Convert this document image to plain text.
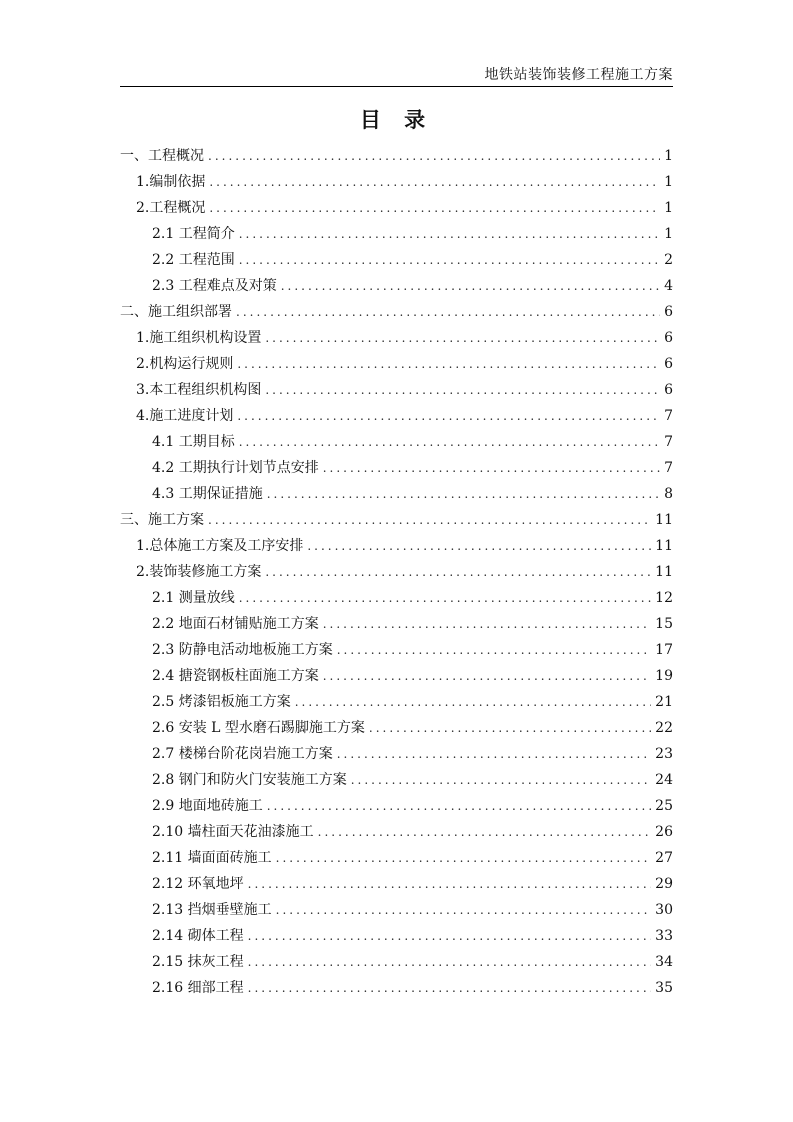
地铁站装饰装修工程施工方案
目 录
一、工程概况 .....	1
1.编制依据 .....	1
2.工程概况 .....	1
2.1 工程简介 .....	1
2.2 工程范围 .....	2
2.3 工程难点及对策 .....	4
二、施工组织部署 .....	6
1.施工组织机构设置 .....	6
2.机构运行规则 .....	6
3.本工程组织机构图 .....	6
4.施工进度计划 .....	7
4.1 工期目标 .....	7
4.2 工期执行计划节点安排 .....	7
4.3 工期保证措施 .....	8
三、施工方案 .....	11
1.总体施工方案及工序安排 .....	11
2.装饰装修施工方案 .....	11
2.1 测量放线 .....	12
2.2 地面石材铺贴施工方案 .....	15
2.3 防静电活动地板施工方案 .....	17
2.4 搪瓷钢板柱面施工方案 .....	19
2.5 烤漆铝板施工方案 .....	21
2.6 安装 L 型水磨石踢脚施工方案 .....	22
2.7 楼梯台阶花岗岩施工方案 .....	23
2.8 钢门和防火门安装施工方案 .....	24
2.9 地面地砖施工 .....	25
2.10 墙柱面天花油漆施工 .....	26
2.11 墙面面砖施工 .....	27
2.12 环氧地坪 .....	29
2.13 挡烟垂壁施工 .....	30
2.14 砌体工程 .....	33
2.15 抹灰工程 .....	34
2.16 细部工程 .....	35
